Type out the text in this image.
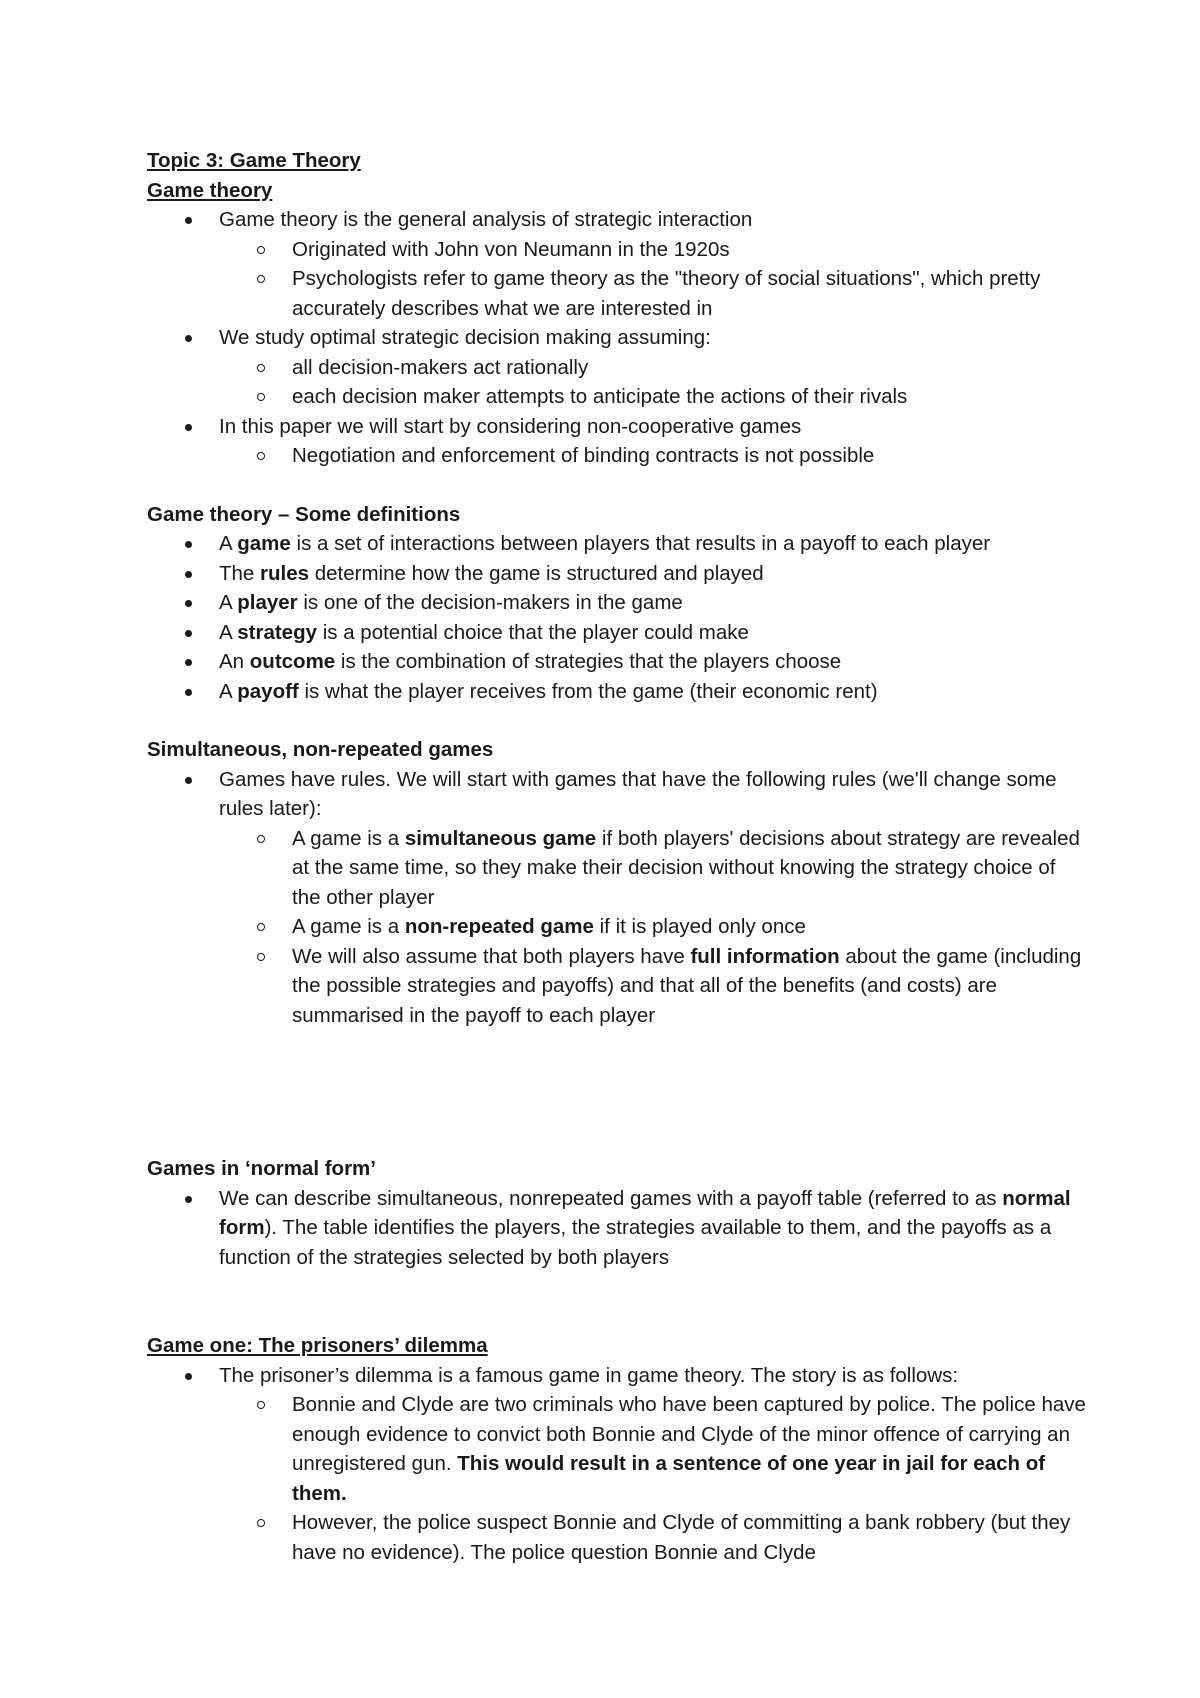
Topic 3: Game Theory
Game theory
Game theory is the general analysis of strategic interaction
Originated with John von Neumann in the 1920s
Psychologists refer to game theory as the "theory of social situations", which pretty accurately describes what we are interested in
We study optimal strategic decision making assuming:
all decision-makers act rationally
each decision maker attempts to anticipate the actions of their rivals
In this paper we will start by considering non-cooperative games
Negotiation and enforcement of binding contracts is not possible
Game theory – Some definitions
A game is a set of interactions between players that results in a payoff to each player
The rules determine how the game is structured and played
A player is one of the decision-makers in the game
A strategy is a potential choice that the player could make
An outcome is the combination of strategies that the players choose
A payoff is what the player receives from the game (their economic rent)
Simultaneous, non-repeated games
Games have rules. We will start with games that have the following rules (we'll change some rules later):
A game is a simultaneous game if both players' decisions about strategy are revealed at the same time, so they make their decision without knowing the strategy choice of the other player
A game is a non-repeated game if it is played only once
We will also assume that both players have full information about the game (including the possible strategies and payoffs) and that all of the benefits (and costs) are summarised in the payoff to each player
Games in ‘normal form’
We can describe simultaneous, nonrepeated games with a payoff table (referred to as normal form). The table identifies the players, the strategies available to them, and the payoffs as a function of the strategies selected by both players
Game one: The prisoners’ dilemma
The prisoner’s dilemma is a famous game in game theory. The story is as follows:
Bonnie and Clyde are two criminals who have been captured by police. The police have enough evidence to convict both Bonnie and Clyde of the minor offence of carrying an unregistered gun. This would result in a sentence of one year in jail for each of them.
However, the police suspect Bonnie and Clyde of committing a bank robbery (but they have no evidence). The police question Bonnie and Clyde
